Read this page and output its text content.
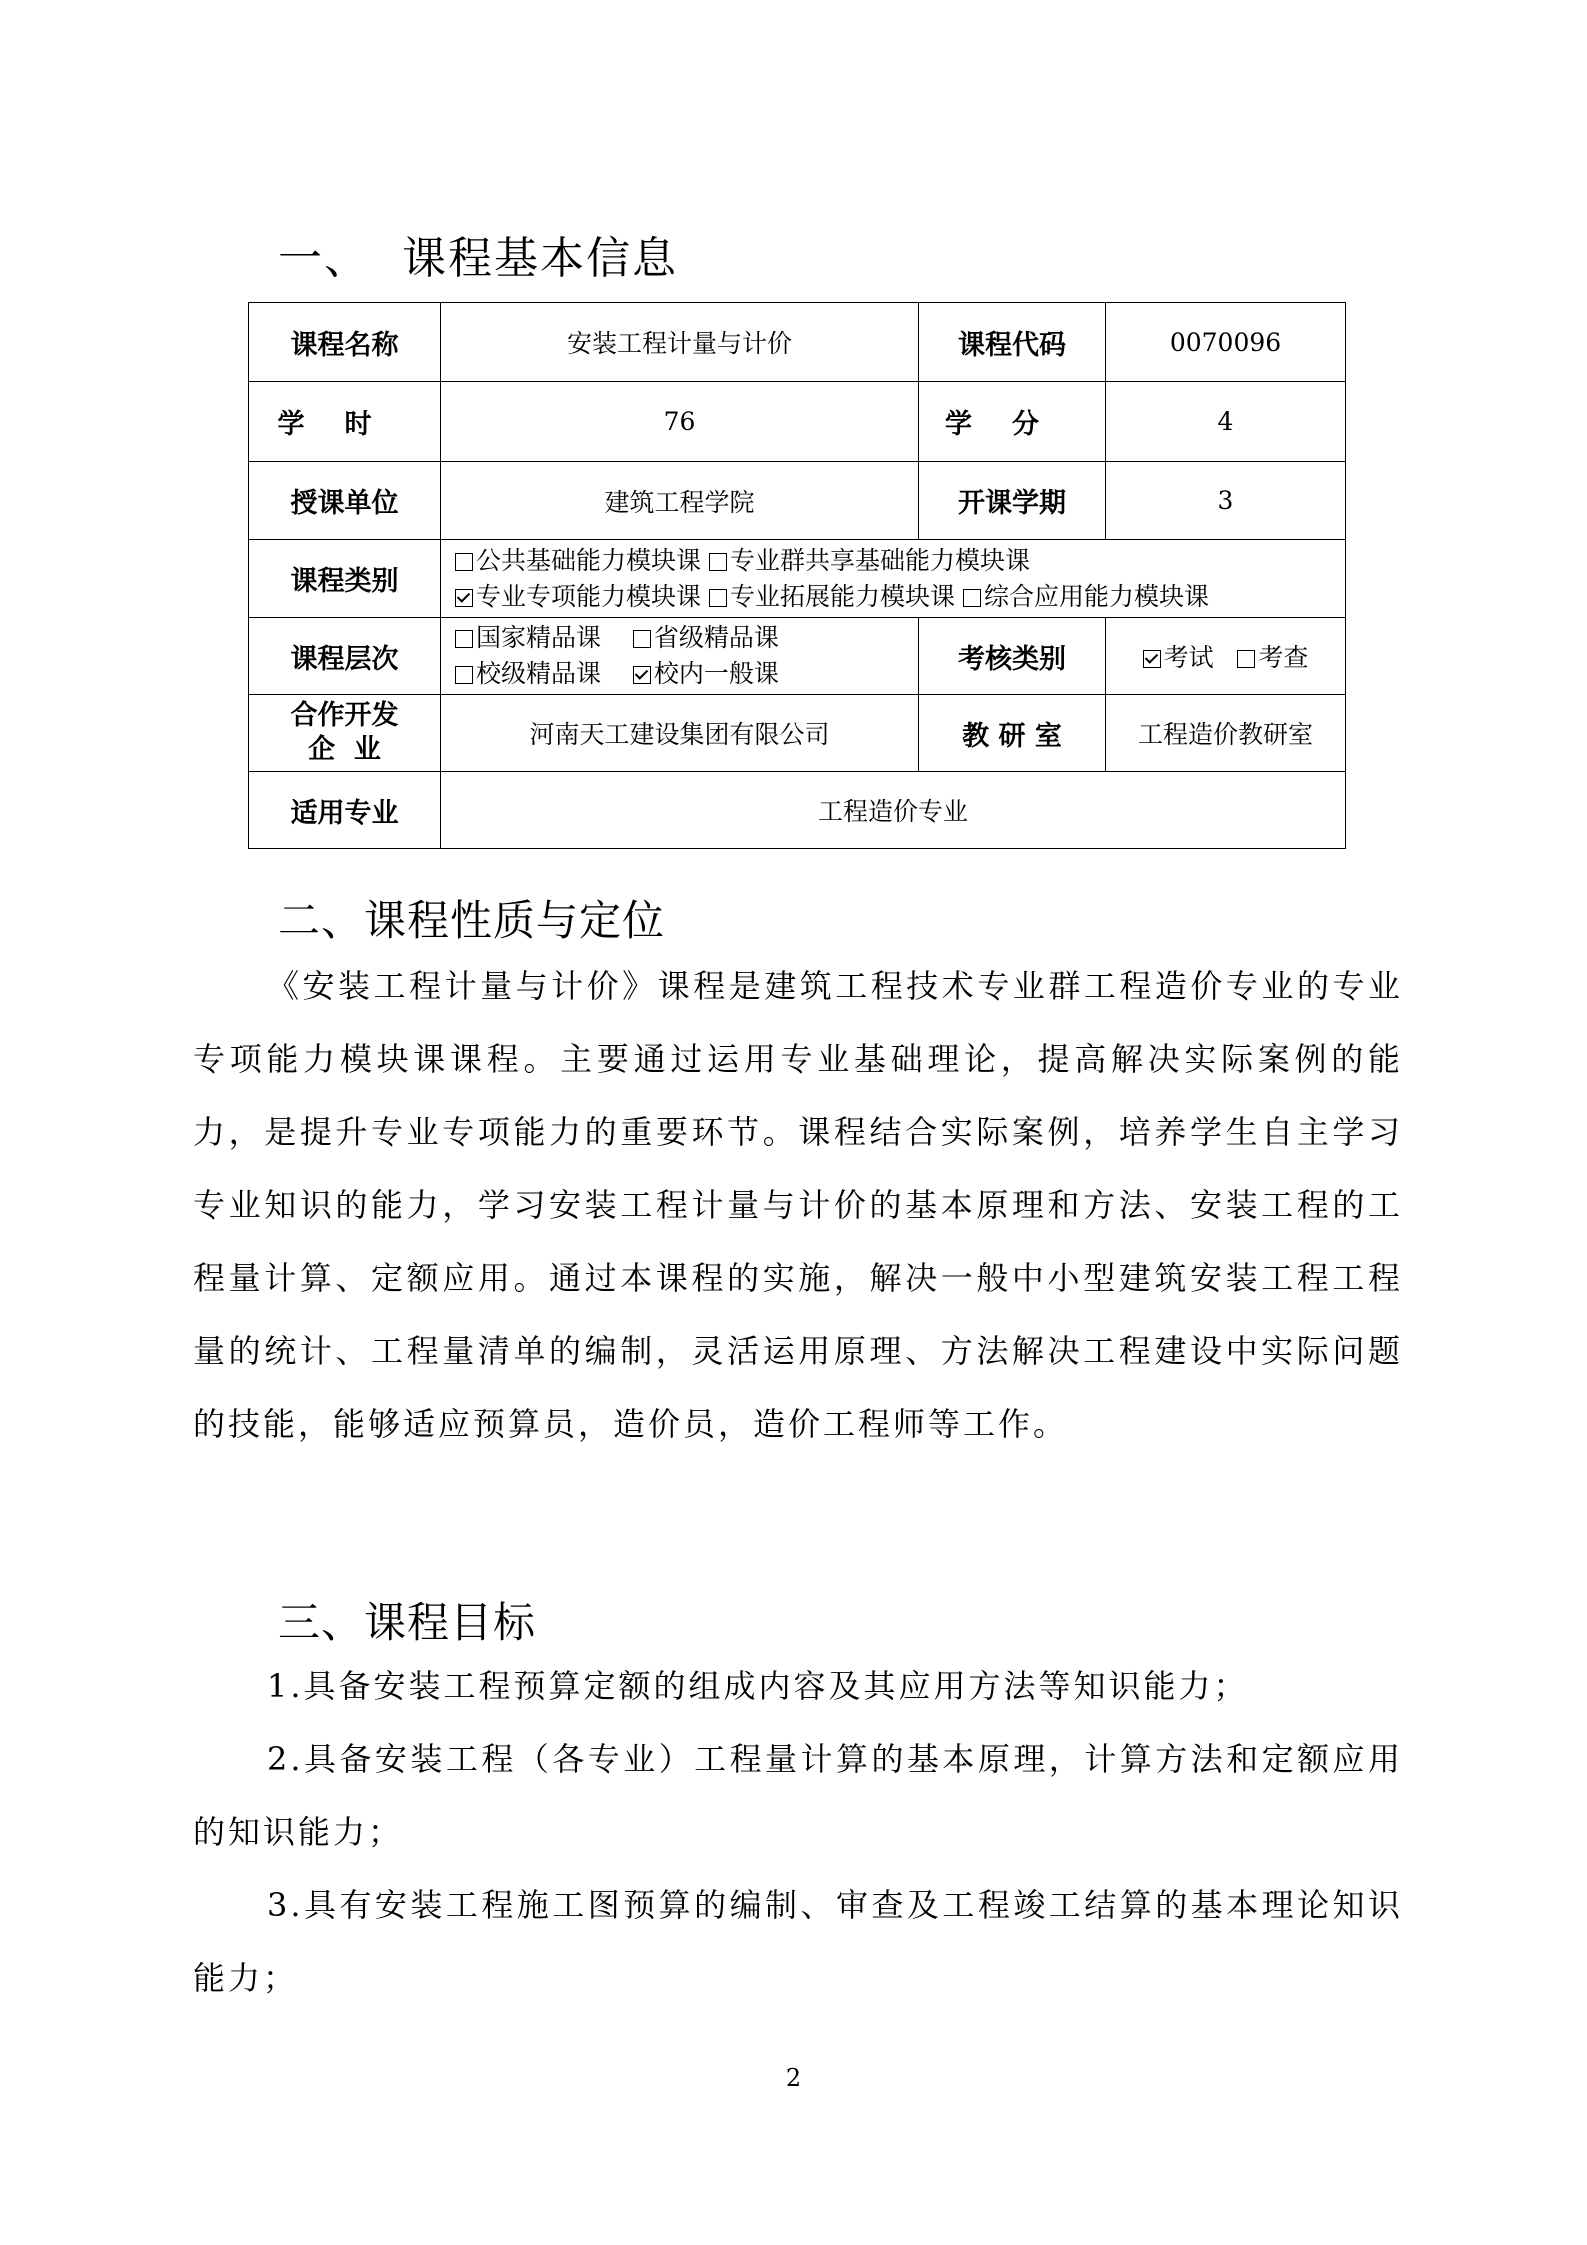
一、  课程基本信息
课程名称	安装工程计量与计价	课程代码	0070096
学时	76	学分	4
授课单位	建筑工程学院	开课学期	3
课程类别	公共基础能力模块课 专业群共享基础能力模块课
专业专项能力模块课 专业拓展能力模块课 综合应用能力模块课		

课程层次	国家精品课 省级精品课
校级精品课 校内一般课	考核类别	考试 考查

合作开发
企  业	河南天工建设集团有限公司	教 研 室	工程造价教研室
适用专业	工程造价专业		
二、课程性质与定位

《安装工程计量与计价》课程是建筑工程技术专业群工程造价专业的专业专项能力模块课课程。主要通过运用专业基础理论，提高解决实际案例的能力，是提升专业专项能力的重要环节。课程结合实际案例，培养学生自主学习专业知识的能力，学习安装工程计量与计价的基本原理和方法、安装工程的工程量计算、定额应用。通过本课程的实施，解决一般中小型建筑安装工程工程量的统计、工程量清单的编制，灵活运用原理、方法解决工程建设中实际问题的技能，能够适应预算员，造价员，造价工程师等工作。

三、课程目标

1.具备安装工程预算定额的组成内容及其应用方法等知识能力；

2.具备安装工程（各专业）工程量计算的基本原理，计算方法和定额应用的知识能力；

3.具有安装工程施工图预算的编制、审查及工程竣工结算的基本理论知识能力；

2
